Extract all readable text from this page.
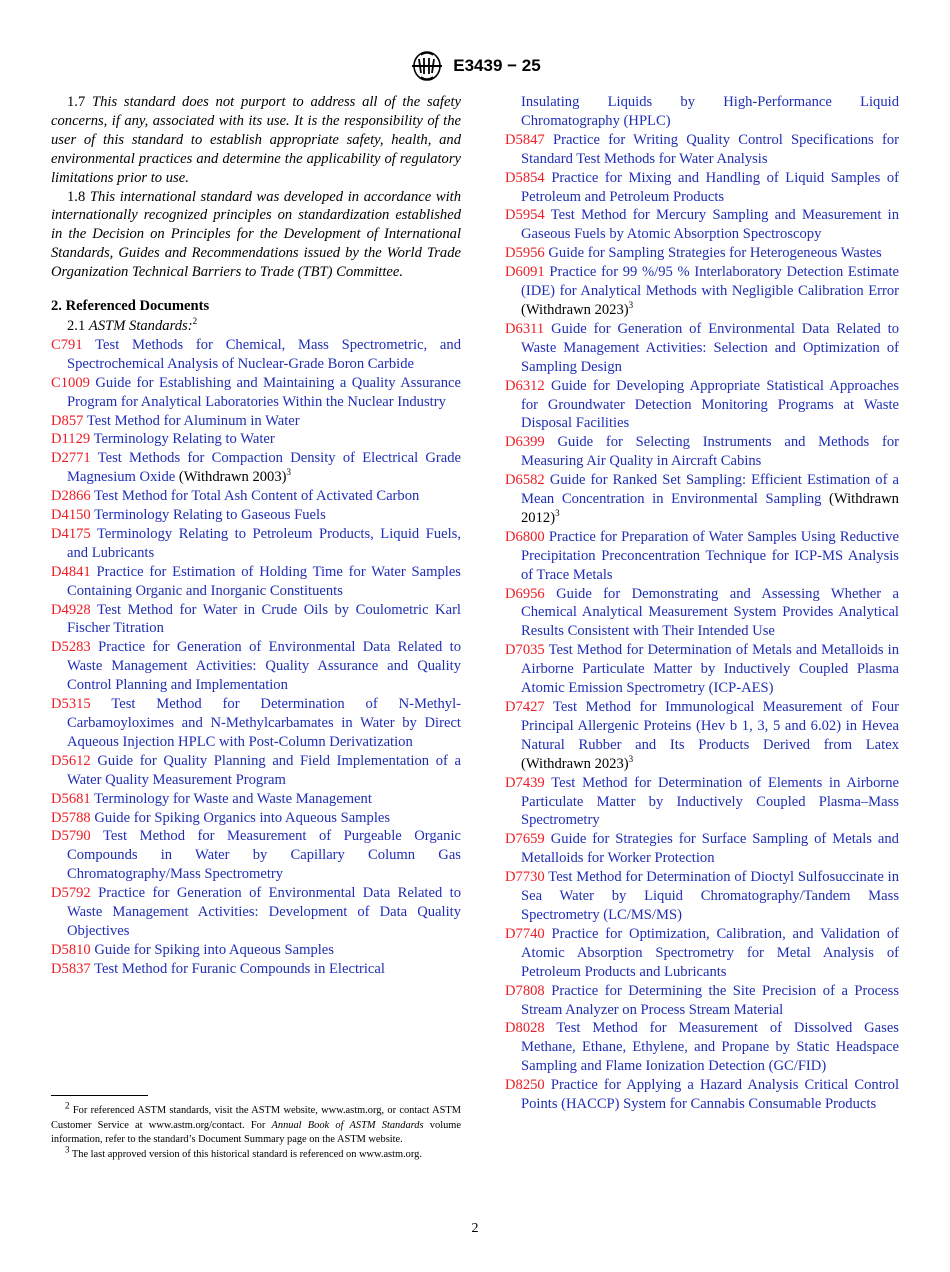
E3439 − 25

1.7 This standard does not purport to address all of the safety concerns, if any, associated with its use. It is the responsibility of the user of this standard to establish appropriate safety, health, and environmental practices and determine the applicability of regulatory limitations prior to use.

1.8 This international standard was developed in accordance with internationally recognized principles on standardization established in the Decision on Principles for the Development of International Standards, Guides and Recommendations issued by the World Trade Organization Technical Barriers to Trade (TBT) Committee.

2. Referenced Documents

2.1 ASTM Standards:$^2$

C791 Test Methods for Chemical, Mass Spectrometric, and Spectrochemical Analysis of Nuclear-Grade Boron Carbide

C1009 Guide for Establishing and Maintaining a Quality Assurance Program for Analytical Laboratories Within the Nuclear Industry

D857 Test Method for Aluminum in Water

D1129 Terminology Relating to Water

D2771 Test Methods for Compaction Density of Electrical Grade Magnesium Oxide (Withdrawn 2003)$^3$

D2866 Test Method for Total Ash Content of Activated Carbon

D4150 Terminology Relating to Gaseous Fuels

D4175 Terminology Relating to Petroleum Products, Liquid Fuels, and Lubricants

D4841 Practice for Estimation of Holding Time for Water Samples Containing Organic and Inorganic Constituents

D4928 Test Method for Water in Crude Oils by Coulometric Karl Fischer Titration

D5283 Practice for Generation of Environmental Data Related to Waste Management Activities: Quality Assurance and Quality Control Planning and Implementation

D5315 Test Method for Determination of N-Methyl-Carbamoyloximes and N-Methylcarbamates in Water by Direct Aqueous Injection HPLC with Post-Column Derivatization

D5612 Guide for Quality Planning and Field Implementation of a Water Quality Measurement Program

D5681 Terminology for Waste and Waste Management

D5788 Guide for Spiking Organics into Aqueous Samples

D5790 Test Method for Measurement of Purgeable Organic Compounds in Water by Capillary Column Gas Chromatography/Mass Spectrometry

D5792 Practice for Generation of Environmental Data Related to Waste Management Activities: Development of Data Quality Objectives

D5810 Guide for Spiking into Aqueous Samples

D5837 Test Method for Furanic Compounds in Electrical

Insulating Liquids by High-Performance Liquid Chromatography (HPLC)

D5847 Practice for Writing Quality Control Specifications for Standard Test Methods for Water Analysis

D5854 Practice for Mixing and Handling of Liquid Samples of Petroleum and Petroleum Products

D5954 Test Method for Mercury Sampling and Measurement in Gaseous Fuels by Atomic Absorption Spectroscopy

D5956 Guide for Sampling Strategies for Heterogeneous Wastes

D6091 Practice for 99 %/95 % Interlaboratory Detection Estimate (IDE) for Analytical Methods with Negligible Calibration Error (Withdrawn 2023)$^3$

D6311 Guide for Generation of Environmental Data Related to Waste Management Activities: Selection and Optimization of Sampling Design

D6312 Guide for Developing Appropriate Statistical Approaches for Groundwater Detection Monitoring Programs at Waste Disposal Facilities

D6399 Guide for Selecting Instruments and Methods for Measuring Air Quality in Aircraft Cabins

D6582 Guide for Ranked Set Sampling: Efficient Estimation of a Mean Concentration in Environmental Sampling (Withdrawn 2012)$^3$

D6800 Practice for Preparation of Water Samples Using Reductive Precipitation Preconcentration Technique for ICP-MS Analysis of Trace Metals

D6956 Guide for Demonstrating and Assessing Whether a Chemical Analytical Measurement System Provides Analytical Results Consistent with Their Intended Use

D7035 Test Method for Determination of Metals and Metalloids in Airborne Particulate Matter by Inductively Coupled Plasma Atomic Emission Spectrometry (ICP-AES)

D7427 Test Method for Immunological Measurement of Four Principal Allergenic Proteins (Hev b 1, 3, 5 and 6.02) in Hevea Natural Rubber and Its Products Derived from Latex (Withdrawn 2023)$^3$

D7439 Test Method for Determination of Elements in Airborne Particulate Matter by Inductively Coupled Plasma–Mass Spectrometry

D7659 Guide for Strategies for Surface Sampling of Metals and Metalloids for Worker Protection

D7730 Test Method for Determination of Dioctyl Sulfosuccinate in Sea Water by Liquid Chromatography/Tandem Mass Spectrometry (LC/MS/MS)

D7740 Practice for Optimization, Calibration, and Validation of Atomic Absorption Spectrometry for Metal Analysis of Petroleum Products and Lubricants

D7808 Practice for Determining the Site Precision of a Process Stream Analyzer on Process Stream Material

D8028 Test Method for Measurement of Dissolved Gases Methane, Ethane, Ethylene, and Propane by Static Headspace Sampling and Flame Ionization Detection (GC/FID)

D8250 Practice for Applying a Hazard Analysis Critical Control Points (HACCP) System for Cannabis Consumable Products

$^2$ For referenced ASTM standards, visit the ASTM website, www.astm.org, or contact ASTM Customer Service at www.astm.org/contact. For Annual Book of ASTM Standards volume information, refer to the standard’s Document Summary page on the ASTM website.

$^3$ The last approved version of this historical standard is referenced on www.astm.org.

2
